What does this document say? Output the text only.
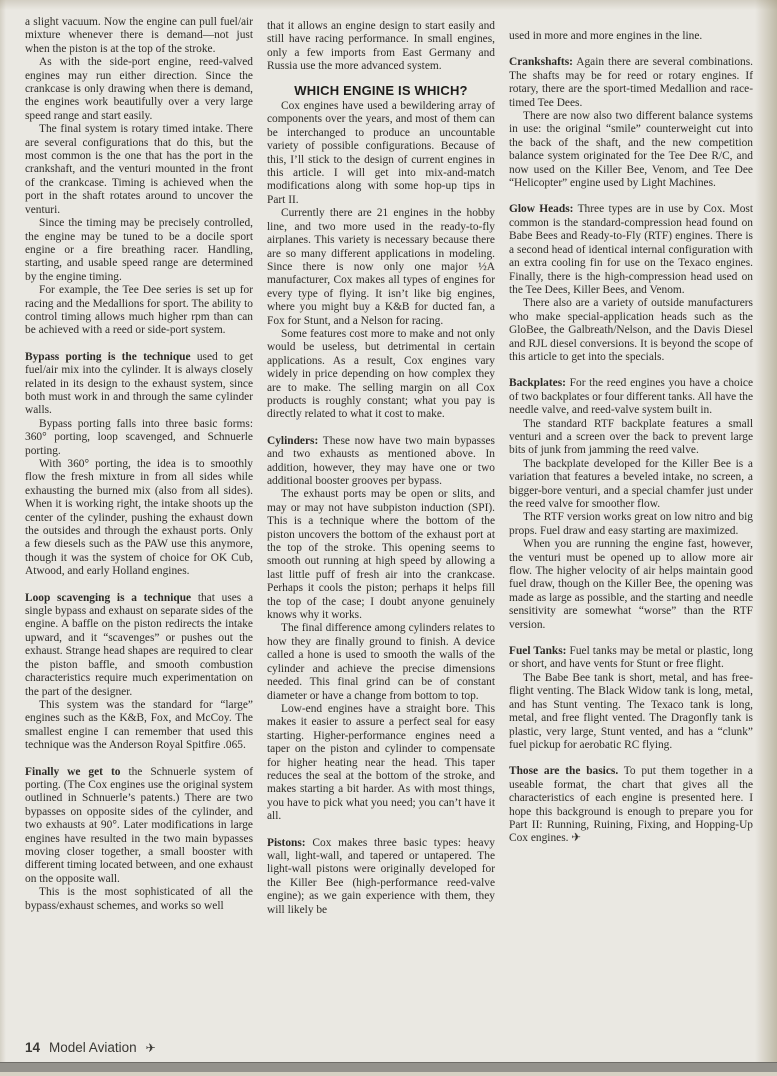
a slight vacuum. Now the engine can pull fuel/air mixture whenever there is demand—not just when the piston is at the top of the stroke.

As with the side-port engine, reed-valved engines may run either direction. Since the crankcase is only drawing when there is demand, the engines work beautifully over a very large speed range and start easily.

The final system is rotary timed intake. There are several configurations that do this, but the most common is the one that has the port in the crankshaft, and the venturi mounted in the front of the crankcase. Timing is achieved when the port in the shaft rotates around to uncover the venturi.

Since the timing may be precisely controlled, the engine may be tuned to be a docile sport engine or a fire breathing racer. Handling, starting, and usable speed range are determined by the engine timing.

For example, the Tee Dee series is set up for racing and the Medallions for sport. The ability to control timing allows much higher rpm than can be achieved with a reed or side-port system.

Bypass porting is the technique used to get fuel/air mix into the cylinder. It is always closely related in its design to the exhaust system, since both must work in and through the same cylinder walls.

Bypass porting falls into three basic forms: 360° porting, loop scavenged, and Schnuerle porting.

With 360° porting, the idea is to smoothly flow the fresh mixture in from all sides while exhausting the burned mix (also from all sides). When it is working right, the intake shoots up the center of the cylinder, pushing the exhaust down the outsides and through the exhaust ports. Only a few diesels such as the PAW use this anymore, though it was the system of choice for OK Cub, Atwood, and early Holland engines.

Loop scavenging is a technique that uses a single bypass and exhaust on separate sides of the engine. A baffle on the piston redirects the intake upward, and it “scavenges” or pushes out the exhaust. Strange head shapes are required to clear the piston baffle, and smooth combustion characteristics require much experimentation on the part of the designer.

This system was the standard for “large” engines such as the K&B, Fox, and McCoy. The smallest engine I can remember that used this technique was the Anderson Royal Spitfire .065.

Finally we get to the Schnuerle system of porting. (The Cox engines use the original system outlined in Schnuerle’s patents.) There are two bypasses on opposite sides of the cylinder, and two exhausts at 90°. Later modifications in large engines have resulted in the two main bypasses moving closer together, a small booster with different timing located between, and one exhaust on the opposite wall.

This is the most sophisticated of all the bypass/exhaust schemes, and works so well

that it allows an engine design to start easily and still have racing performance. In small engines, only a few imports from East Germany and Russia use the more advanced system.

WHICH ENGINE IS WHICH?

Cox engines have used a bewildering array of components over the years, and most of them can be interchanged to produce an uncountable variety of possible configurations. Because of this, I’ll stick to the design of current engines in this article. I will get into mix-and-match modifications along with some hop-up tips in Part II.

Currently there are 21 engines in the hobby line, and two more used in the ready-to-fly airplanes. This variety is necessary because there are so many different applications in modeling. Since there is now only one major ½A manufacturer, Cox makes all types of engines for every type of flying. It isn’t like big engines, where you might buy a K&B for ducted fan, a Fox for Stunt, and a Nelson for racing.

Some features cost more to make and not only would be useless, but detrimental in certain applications. As a result, Cox engines vary widely in price depending on how complex they are to make. The selling margin on all Cox products is roughly constant; what you pay is directly related to what it cost to make.

Cylinders: These now have two main bypasses and two exhausts as mentioned above. In addition, however, they may have one or two additional booster grooves per bypass.

The exhaust ports may be open or slits, and may or may not have subpiston induction (SPI). This is a technique where the bottom of the piston uncovers the bottom of the exhaust port at the top of the stroke. This opening seems to smooth out running at high speed by allowing a last little puff of fresh air into the crankcase. Perhaps it cools the piston; perhaps it helps fill the top of the case; I doubt anyone genuinely knows why it works.

The final difference among cylinders relates to how they are finally ground to finish. A device called a hone is used to smooth the walls of the cylinder and achieve the precise dimensions needed. This final grind can be of constant diameter or have a change from bottom to top.

Low-end engines have a straight bore. This makes it easier to assure a perfect seal for easy starting. Higher-performance engines need a taper on the piston and cylinder to compensate for higher heating near the head. This taper reduces the seal at the bottom of the stroke, and makes starting a bit harder. As with most things, you have to pick what you need; you can’t have it all.

Pistons: Cox makes three basic types: heavy wall, light-wall, and tapered or untapered. The light-wall pistons were originally developed for the Killer Bee (high-performance reed-valve engine); as we gain experience with them, they will likely be

used in more and more engines in the line.

Crankshafts: Again there are several combinations. The shafts may be for reed or rotary engines. If rotary, there are the sport-timed Medallion and race-timed Tee Dees.

There are now also two different balance systems in use: the original “smile” counterweight cut into the back of the shaft, and the new competition balance system originated for the Tee Dee R/C, and now used on the Killer Bee, Venom, and Tee Dee “Helicopter” engine used by Light Machines.

Glow Heads: Three types are in use by Cox. Most common is the standard-compression head found on Babe Bees and Ready-to-Fly (RTF) engines. There is a second head of identical internal configuration with an extra cooling fin for use on the Texaco engines. Finally, there is the high-compression head used on the Tee Dees, Killer Bees, and Venom.

There also are a variety of outside manufacturers who make special-application heads such as the GloBee, the Galbreath/Nelson, and the Davis Diesel and RJL diesel conversions. It is beyond the scope of this article to get into the specials.

Backplates: For the reed engines you have a choice of two backplates or four different tanks. All have the needle valve, and reed-valve system built in.

The standard RTF backplate features a small venturi and a screen over the back to prevent large bits of junk from jamming the reed valve.

The backplate developed for the Killer Bee is a variation that features a beveled intake, no screen, a bigger-bore venturi, and a special chamfer just under the reed valve for smoother flow.

The RTF version works great on low nitro and big props. Fuel draw and easy starting are maximized.

When you are running the engine fast, however, the venturi must be opened up to allow more air flow. The higher velocity of air helps maintain good fuel draw, though on the Killer Bee, the opening was made as large as possible, and the starting and needle sensitivity are somewhat “worse” than the RTF version.

Fuel Tanks: Fuel tanks may be metal or plastic, long or short, and have vents for Stunt or free flight.

The Babe Bee tank is short, metal, and has free-flight venting. The Black Widow tank is long, metal, and has Stunt venting. The Texaco tank is long, metal, and free flight vented. The Dragonfly tank is plastic, very large, Stunt vented, and has a “clunk” fuel pickup for aerobatic RC flying.

Those are the basics. To put them together in a useable format, the chart that gives all the characteristics of each engine is presented here. I hope this background is enough to prepare you for Part II: Running, Ruining, Fixing, and Hopping-Up Cox engines. ✈

14 Model Aviation ✈
